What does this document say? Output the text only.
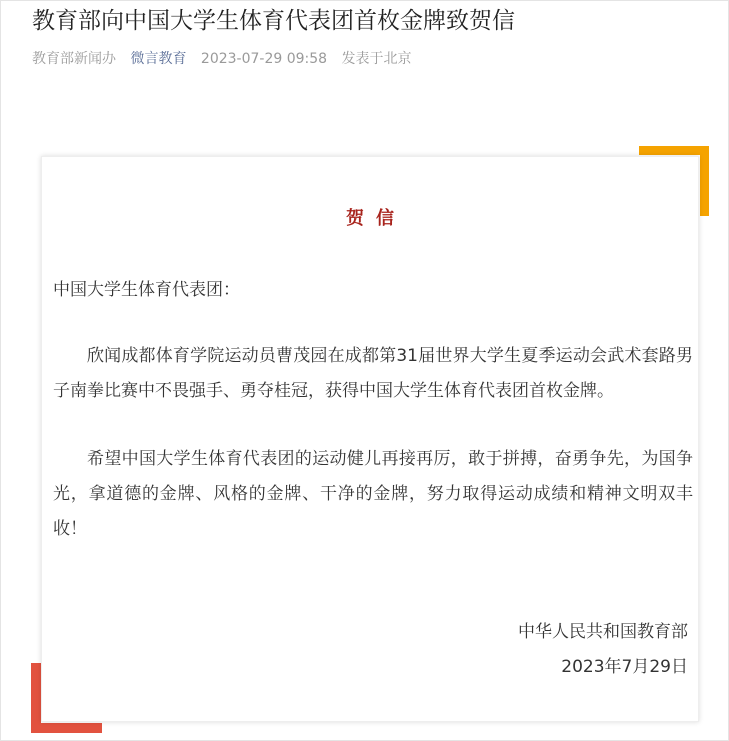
教育部向中国大学生体育代表团首枚金牌致贺信
教育部新闻办 微言教育 2023-07-29 09:58 发表于北京
贺信
中国大学生体育代表团：

欣闻成都体育学院运动员曹茂园在成都第31届世界大学生夏季运动会武术套路男子南拳比赛中不畏强手、勇夺桂冠，获得中国大学生体育代表团首枚金牌。

希望中国大学生体育代表团的运动健儿再接再厉，敢于拼搏，奋勇争先，为国争光，拿道德的金牌、风格的金牌、干净的金牌，努力取得运动成绩和精神文明双丰收！

中华人民共和国教育部
2023年7月29日
